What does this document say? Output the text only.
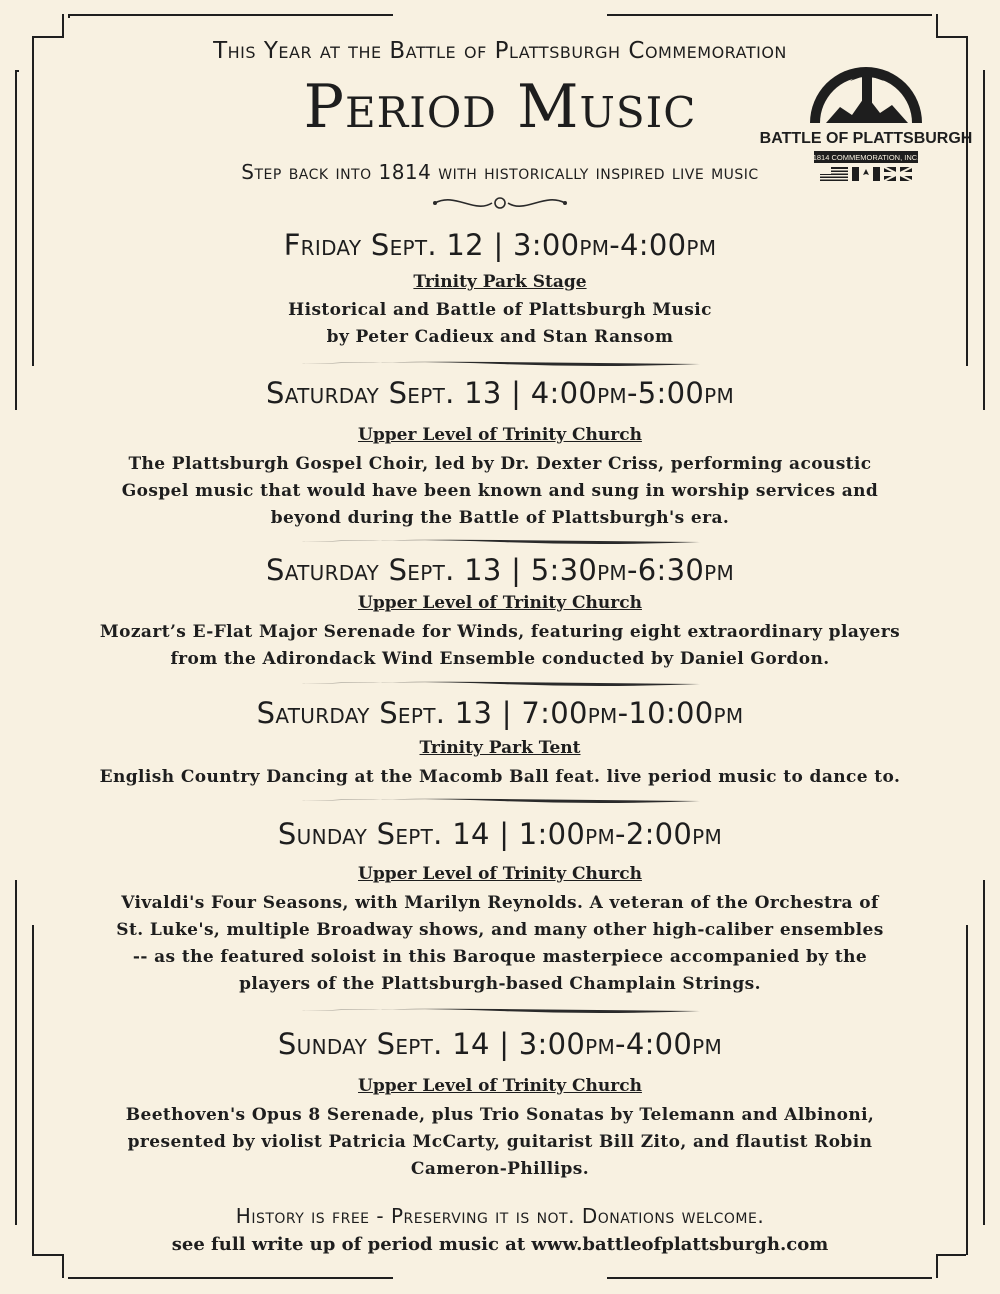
This Year at the Battle of Plattsburgh Commemoration
Period Music
Step back into 1814 with historically inspired live music
BATTLE OF PLATTSBURGH
1814 COMMEMORATION, INC.
Friday Sept. 12 | 3:00pm-4:00pm
Trinity Park Stage
Historical and Battle of Plattsburgh Music
by Peter Cadieux and Stan Ransom
Saturday Sept. 13 | 4:00pm-5:00pm
Upper Level of Trinity Church
The Plattsburgh Gospel Choir, led by Dr. Dexter Criss, performing acoustic
Gospel music that would have been known and sung in worship services and
beyond during the Battle of Plattsburgh's era.
Saturday Sept. 13 | 5:30pm-6:30pm
Upper Level of Trinity Church
Mozart’s E-Flat Major Serenade for Winds, featuring eight extraordinary players
from the Adirondack Wind Ensemble conducted by Daniel Gordon.
Saturday Sept. 13 | 7:00pm-10:00pm
Trinity Park Tent
English Country Dancing at the Macomb Ball feat. live period music to dance to.
Sunday Sept. 14 | 1:00pm-2:00pm
Upper Level of Trinity Church
Vivaldi's Four Seasons, with Marilyn Reynolds. A veteran of the Orchestra of
St. Luke's, multiple Broadway shows, and many other high-caliber ensembles
-- as the featured soloist in this Baroque masterpiece accompanied by the
players of the Plattsburgh-based Champlain Strings.
Sunday Sept. 14 | 3:00pm-4:00pm
Upper Level of Trinity Church
Beethoven's Opus 8 Serenade, plus Trio Sonatas by Telemann and Albinoni,
presented by violist Patricia McCarty, guitarist Bill Zito, and flautist Robin
Cameron-Phillips.
History is free - Preserving it is not. Donations welcome.
see full write up of period music at www.battleofplattsburgh.com
